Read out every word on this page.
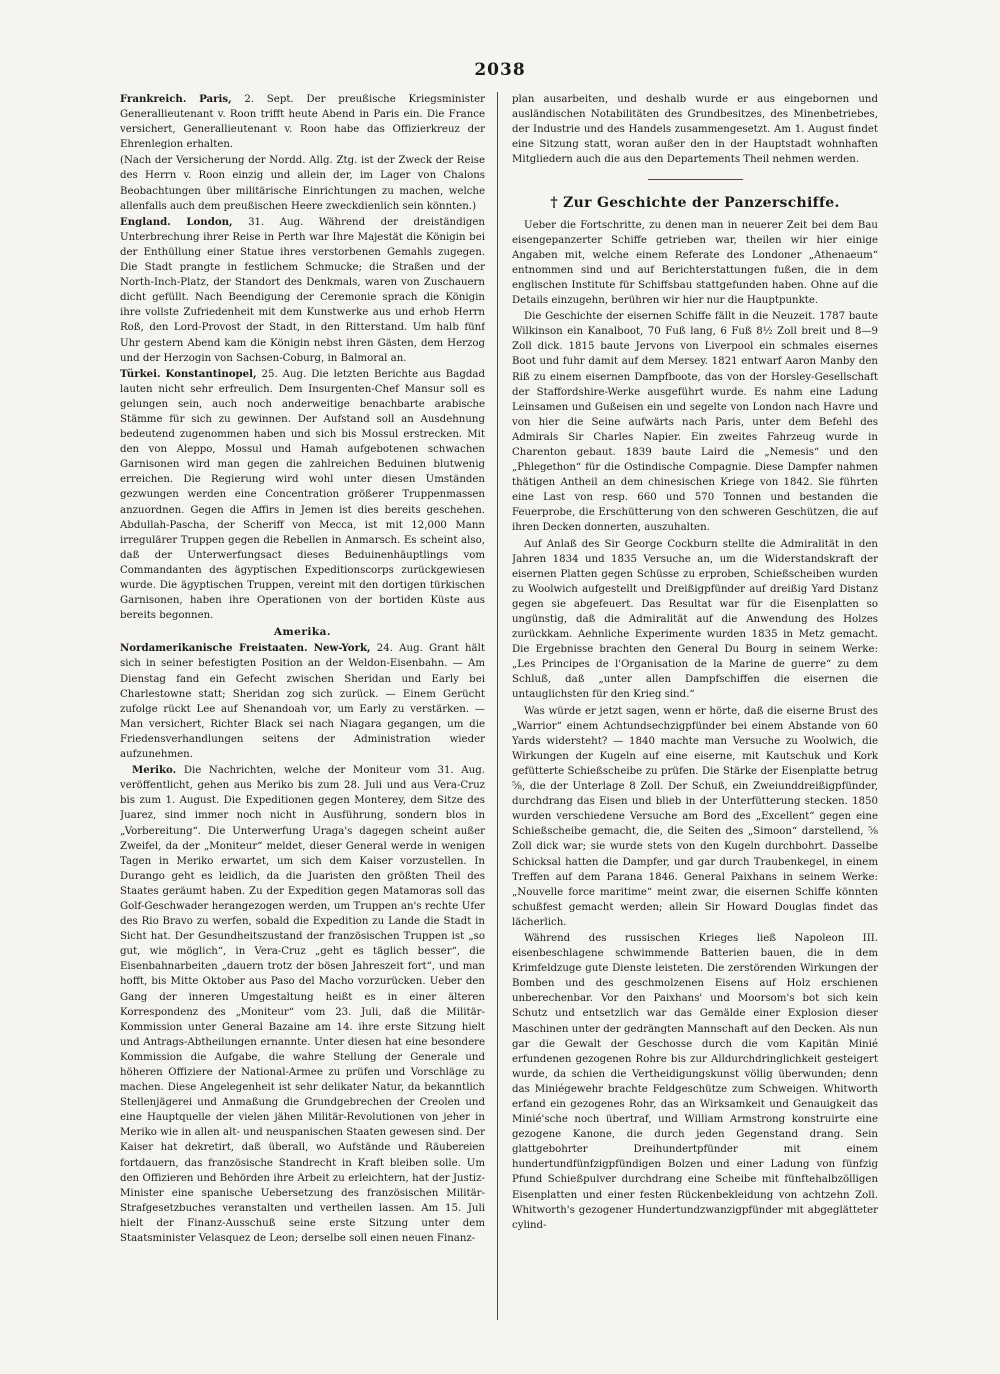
2038

Frankreich. Paris, 2. Sept. Der preußische Kriegsminister Generallieutenant v. Roon trifft heute Abend in Paris ein. Die France versichert, Generallieutenant v. Roon habe das Offizierkreuz der Ehrenlegion erhalten.

(Nach der Versicherung der Nordd. Allg. Ztg. ist der Zweck der Reise des Herrn v. Roon einzig und allein der, im Lager von Chalons Beobachtungen über militärische Einrichtungen zu machen, welche allenfalls auch dem preußischen Heere zweckdienlich sein könnten.)

England. London, 31. Aug. Während der dreiständigen Unterbrechung ihrer Reise in Perth war Ihre Majestät die Königin bei der Enthüllung einer Statue ihres verstorbenen Gemahls zugegen. Die Stadt prangte in festlichem Schmucke; die Straßen und der North-Inch-Platz, der Standort des Denkmals, waren von Zuschauern dicht gefüllt. Nach Beendigung der Ceremonie sprach die Königin ihre vollste Zufriedenheit mit dem Kunstwerke aus und erhob Herrn Roß, den Lord-Provost der Stadt, in den Ritterstand. Um halb fünf Uhr gestern Abend kam die Königin nebst ihren Gästen, dem Herzog und der Herzogin von Sachsen-Coburg, in Balmoral an.

Türkei. Konstantinopel, 25. Aug. Die letzten Berichte aus Bagdad lauten nicht sehr erfreulich. Dem Insurgenten-Chef Mansur soll es gelungen sein, auch noch anderweitige benachbarte arabische Stämme für sich zu gewinnen. Der Aufstand soll an Ausdehnung bedeutend zugenommen haben und sich bis Mossul erstrecken. Mit den von Aleppo, Mossul und Hamah aufgebotenen schwachen Garnisonen wird man gegen die zahlreichen Beduinen blutwenig erreichen. Die Regierung wird wohl unter diesen Umständen gezwungen werden eine Concentration größerer Truppenmassen anzuordnen. Gegen die Affirs in Jemen ist dies bereits geschehen. Abdullah-Pascha, der Scheriff von Mecca, ist mit 12,000 Mann irregulärer Truppen gegen die Rebellen in Anmarsch. Es scheint also, daß der Unterwerfungsact dieses Beduinenhäuptlings vom Commandanten des ägyptischen Expeditionscorps zurückgewiesen wurde. Die ägyptischen Truppen, vereint mit den dortigen türkischen Garnisonen, haben ihre Operationen von der bortiden Küste aus bereits begonnen.

Amerika.

Nordamerikanische Freistaaten. New-York, 24. Aug. Grant hält sich in seiner befestigten Position an der Weldon-Eisenbahn. — Am Dienstag fand ein Gefecht zwischen Sheridan und Early bei Charlestowne statt; Sheridan zog sich zurück. — Einem Gerücht zufolge rückt Lee auf Shenandoah vor, um Early zu verstärken. — Man versichert, Richter Black sei nach Niagara gegangen, um die Friedensverhandlungen seitens der Administration wieder aufzunehmen.

Meriko. Die Nachrichten, welche der Moniteur vom 31. Aug. veröffentlicht, gehen aus Meriko bis zum 28. Juli und aus Vera-Cruz bis zum 1. August. Die Expeditionen gegen Monterey, dem Sitze des Juarez, sind immer noch nicht in Ausführung, sondern blos in „Vorbereitung“. Die Unterwerfung Uraga's dagegen scheint außer Zweifel, da der „Moniteur“ meldet, dieser General werde in wenigen Tagen in Meriko erwartet, um sich dem Kaiser vorzustellen. In Durango geht es leidlich, da die Juaristen den größten Theil des Staates geräumt haben. Zu der Expedition gegen Matamoras soll das Golf-Geschwader herangezogen werden, um Truppen an's rechte Ufer des Rio Bravo zu werfen, sobald die Expedition zu Lande die Stadt in Sicht hat. Der Gesundheitszustand der französischen Truppen ist „so gut, wie möglich“, in Vera-Cruz „geht es täglich besser“, die Eisenbahnarbeiten „dauern trotz der bösen Jahreszeit fort“, und man hofft, bis Mitte Oktober aus Paso del Macho vorzurücken. Ueber den Gang der inneren Umgestaltung heißt es in einer älteren Korrespondenz des „Moniteur“ vom 23. Juli, daß die Militär-Kommission unter General Bazaine am 14. ihre erste Sitzung hielt und Antrags-Abtheilungen ernannte. Unter diesen hat eine besondere Kommission die Aufgabe, die wahre Stellung der Generale und höheren Offiziere der National-Armee zu prüfen und Vorschläge zu machen. Diese Angelegenheit ist sehr delikater Natur, da bekanntlich Stellenjägerei und Anmaßung die Grundgebrechen der Creolen und eine Hauptquelle der vielen jähen Militär-Revolutionen von jeher in Meriko wie in allen alt- und neuspanischen Staaten gewesen sind. Der Kaiser hat dekretirt, daß überall, wo Aufstände und Räubereien fortdauern, das französische Standrecht in Kraft bleiben solle. Um den Offizieren und Behörden ihre Arbeit zu erleichtern, hat der Justiz-Minister eine spanische Uebersetzung des französischen Militär-Strafgesetzbuches veranstalten und vertheilen lassen. Am 15. Juli hielt der Finanz-Ausschuß seine erste Sitzung unter dem Staatsminister Velasquez de Leon; derselbe soll einen neuen Finanz-

plan ausarbeiten, und deshalb wurde er aus eingebornen und ausländischen Notabilitäten des Grundbesitzes, des Minenbetriebes, der Industrie und des Handels zusammengesetzt. Am 1. August findet eine Sitzung statt, woran außer den in der Hauptstadt wohnhaften Mitgliedern auch die aus den Departements Theil nehmen werden.

† Zur Geschichte der Panzerschiffe.

Ueber die Fortschritte, zu denen man in neuerer Zeit bei dem Bau eisengepanzerter Schiffe getrieben war, theilen wir hier einige Angaben mit, welche einem Referate des Londoner „Athenaeum“ entnommen sind und auf Berichterstattungen fußen, die in dem englischen Institute für Schiffsbau stattgefunden haben. Ohne auf die Details einzugehn, berühren wir hier nur die Hauptpunkte.

Die Geschichte der eisernen Schiffe fällt in die Neuzeit. 1787 baute Wilkinson ein Kanalboot, 70 Fuß lang, 6 Fuß 8½ Zoll breit und 8—9 Zoll dick. 1815 baute Jervons von Liverpool ein schmales eisernes Boot und fuhr damit auf dem Mersey. 1821 entwarf Aaron Manby den Riß zu einem eisernen Dampfboote, das von der Horsley-Gesellschaft der Staffordshire-Werke ausgeführt wurde. Es nahm eine Ladung Leinsamen und Gußeisen ein und segelte von London nach Havre und von hier die Seine aufwärts nach Paris, unter dem Befehl des Admirals Sir Charles Napier. Ein zweites Fahrzeug wurde in Charenton gebaut. 1839 baute Laird die „Nemesis“ und den „Phlegethon“ für die Ostindische Compagnie. Diese Dampfer nahmen thätigen Antheil an dem chinesischen Kriege von 1842. Sie führten eine Last von resp. 660 und 570 Tonnen und bestanden die Feuerprobe, die Erschütterung von den schweren Geschützen, die auf ihren Decken donnerten, auszuhalten.

Auf Anlaß des Sir George Cockburn stellte die Admiralität in den Jahren 1834 und 1835 Versuche an, um die Widerstandskraft der eisernen Platten gegen Schüsse zu erproben, Schießscheiben wurden zu Woolwich aufgestellt und Dreißigpfünder auf dreißig Yard Distanz gegen sie abgefeuert. Das Resultat war für die Eisenplatten so ungünstig, daß die Admiralität auf die Anwendung des Holzes zurückkam. Aehnliche Experimente wurden 1835 in Metz gemacht. Die Ergebnisse brachten den General Du Bourg in seinem Werke: „Les Principes de l'Organisation de la Marine de guerre“ zu dem Schluß, daß „unter allen Dampfschiffen die eisernen die untauglichsten für den Krieg sind.“

Was würde er jetzt sagen, wenn er hörte, daß die eiserne Brust des „Warrior“ einem Achtundsechzigpfünder bei einem Abstande von 60 Yards widersteht? — 1840 machte man Versuche zu Woolwich, die Wirkungen der Kugeln auf eine eiserne, mit Kautschuk und Kork gefütterte Schießscheibe zu prüfen. Die Stärke der Eisenplatte betrug ⅝, die der Unterlage 8 Zoll. Der Schuß, ein Zweiunddreißigpfünder, durchdrang das Eisen und blieb in der Unterfütterung stecken. 1850 wurden verschiedene Versuche am Bord des „Excellent“ gegen eine Schießscheibe gemacht, die, die Seiten des „Simoon“ darstellend, ⅝ Zoll dick war; sie wurde stets von den Kugeln durchbohrt. Dasselbe Schicksal hatten die Dampfer, und gar durch Traubenkegel, in einem Treffen auf dem Parana 1846. General Paixhans in seinem Werke: „Nouvelle force maritime“ meint zwar, die eisernen Schiffe könnten schußfest gemacht werden; allein Sir Howard Douglas findet das lächerlich.

Während des russischen Krieges ließ Napoleon III. eisenbeschlagene schwimmende Batterien bauen, die in dem Krimfeldzuge gute Dienste leisteten. Die zerstörenden Wirkungen der Bomben und des geschmolzenen Eisens auf Holz erschienen unberechenbar. Vor den Paixhans' und Moorsom's bot sich kein Schutz und entsetzlich war das Gemälde einer Explosion dieser Maschinen unter der gedrängten Mannschaft auf den Decken. Als nun gar die Gewalt der Geschosse durch die vom Kapitän Minié erfundenen gezogenen Rohre bis zur Alldurchdringlichkeit gesteigert wurde, da schien die Vertheidigungskunst völlig überwunden; denn das Miniégewehr brachte Feldgeschütze zum Schweigen. Whitworth erfand ein gezogenes Rohr, das an Wirksamkeit und Genauigkeit das Minié'sche noch übertraf, und William Armstrong konstruirte eine gezogene Kanone, die durch jeden Gegenstand drang. Sein glattgebohrter Dreihundertpfünder mit einem hundertundfünfzigpfündigen Bolzen und einer Ladung von fünfzig Pfund Schießpulver durchdrang eine Scheibe mit fünftehalbzölligen Eisenplatten und einer festen Rückenbekleidung von achtzehn Zoll. Whitworth's gezogener Hundertundzwanzigpfünder mit abgeglätteter cylind-
